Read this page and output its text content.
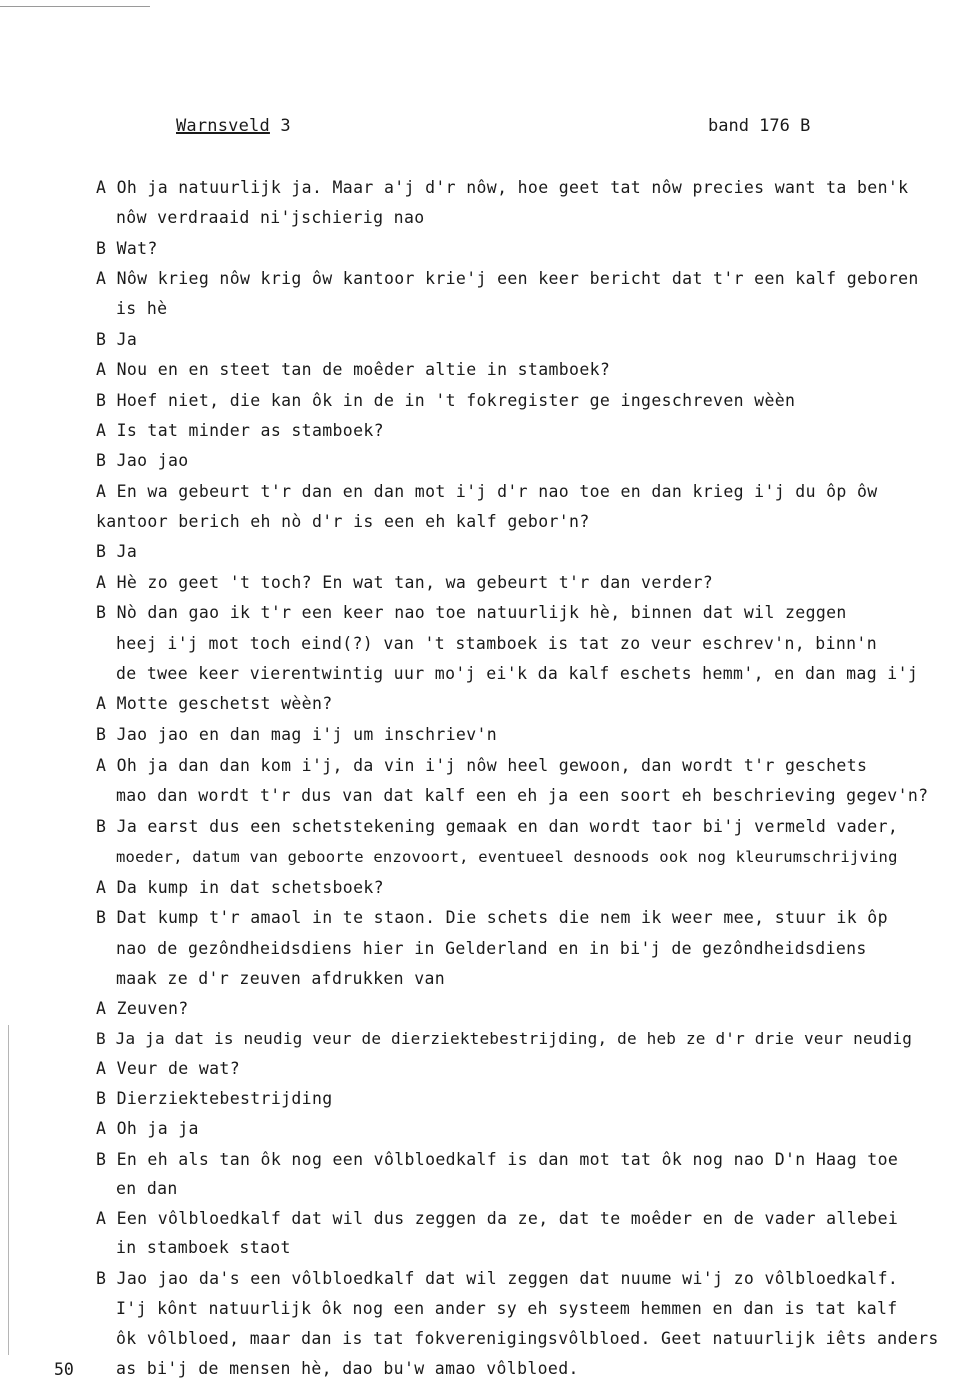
Warnsveld 3	band 176 B
A Oh ja natuurlijk ja. Maar a'j d'r nôw, hoe geet tat nôw precies want ta ben'k
nôw verdraaid ni'jschierig nao
B Wat?
A Nôw krieg nôw krig ôw kantoor krie'j een keer bericht dat t'r een kalf geboren
is hè
B Ja
A Nou en en steet tan de moêder altie in stamboek?
B Hoef niet, die kan ôk in de in 't fokregister ge ingeschreven wèèn
A Is tat minder as stamboek?
B Jao jao
A En wa gebeurt t'r dan en dan mot i'j d'r nao toe en dan krieg i'j du ôp ôw
kantoor berich eh nò d'r is een eh kalf gebor'n?
B Ja
A Hè zo geet 't toch? En wat tan, wa gebeurt t'r dan verder?
B Nò dan gao ik t'r een keer nao toe natuurlijk hè, binnen dat wil zeggen
heej i'j mot toch eind(?) van 't stamboek is tat zo veur eschrev'n, binn'n
de twee keer vierentwintig uur mo'j ei'k da kalf eschets hemm', en dan mag i'j
A Motte geschetst wèèn?
B Jao jao en dan mag i'j um inschriev'n
A Oh ja dan dan kom i'j, da vin i'j nôw heel gewoon, dan wordt t'r geschets
mao dan wordt t'r dus van dat kalf een eh ja een soort eh beschrieving gegev'n?
B Ja earst dus een schetstekening gemaak en dan wordt taor bi'j vermeld vader,
moeder, datum van geboorte enzovoort, eventueel desnoods ook nog kleurumschrijving
A Da kump in dat schetsboek?
B Dat kump t'r amaol in te staon. Die schets die nem ik weer mee, stuur ik ôp
nao de gezôndheidsdiens hier in Gelderland en in bi'j de gezôndheidsdiens
maak ze d'r zeuven afdrukken van
A Zeuven?
B Ja ja dat is neudig veur de dierziektebestrijding, de heb ze d'r drie veur neudig
A Veur de wat?
B Dierziektebestrijding
A Oh ja ja
B En eh als tan ôk nog een vôlbloedkalf is dan mot tat ôk nog nao D'n Haag toe
en dan
A Een vôlbloedkalf dat wil dus zeggen da ze, dat te moêder en de vader allebei
in stamboek staot
B Jao jao da's een vôlbloedkalf dat wil zeggen dat nuume wi'j zo vôlbloedkalf.
I'j kônt natuurlijk ôk nog een ander sy eh systeem hemmen en dan is tat kalf
ôk vôlbloed, maar dan is tat fokverenigingsvôlbloed. Geet natuurlijk iêts anders
as bi'j de mensen hè, dao bu'w amao vôlbloed.
50
